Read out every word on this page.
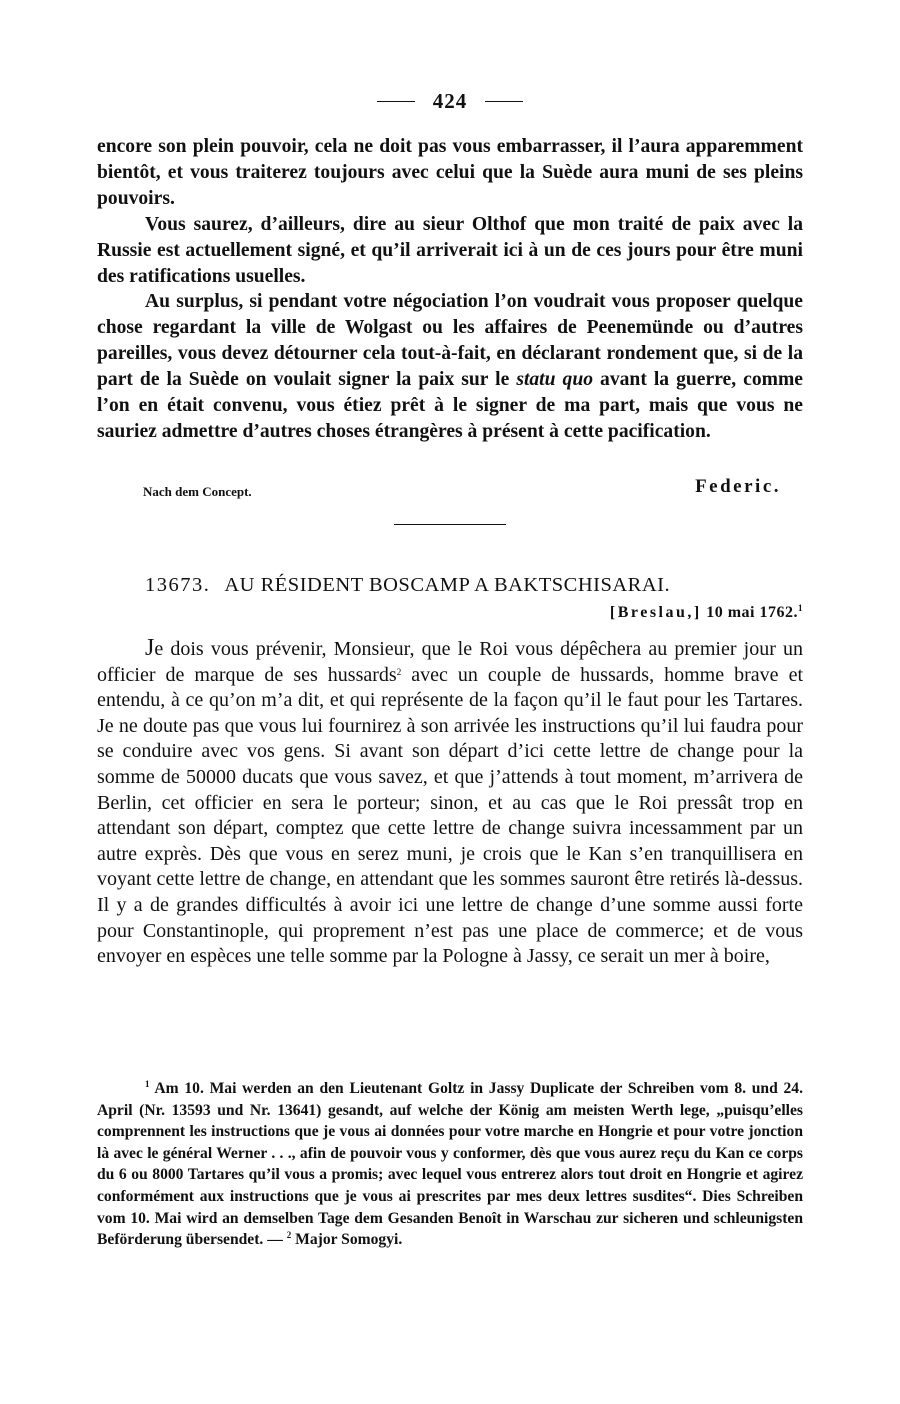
424

encore son plein pouvoir, cela ne doit pas vous embarrasser, il l’aura apparemment bientôt, et vous traiterez toujours avec celui que la Suède aura muni de ses pleins pouvoirs.

Vous saurez, d’ailleurs, dire au sieur Olthof que mon traité de paix avec la Russie est actuellement signé, et qu’il arriverait ici à un de ces jours pour être muni des ratifications usuelles.

Au surplus, si pendant votre négociation l’on voudrait vous proposer quelque chose regardant la ville de Wolgast ou les affaires de Peenemünde ou d’autres pareilles, vous devez détourner cela tout-à-fait, en déclarant rondement que, si de la part de la Suède on voulait signer la paix sur le statu quo avant la guerre, comme l’on en était convenu, vous étiez prêt à le signer de ma part, mais que vous ne sauriez admettre d’autres choses étrangères à présent à cette pacification.

Nach dem Concept.	Federic.
13673. AU RÉSIDENT BOSCAMP A BAKTSCHISARAI.
[Breslau,] 10 mai 1762.$^1$

Je dois vous prévenir, Monsieur, que le Roi vous dépêchera au premier jour un officier de marque de ses hussards$^2$ avec un couple de hussards, homme brave et entendu, à ce qu’on m’a dit, et qui représente de la façon qu’il le faut pour les Tartares. Je ne doute pas que vous lui fournirez à son arrivée les instructions qu’il lui faudra pour se conduire avec vos gens. Si avant son départ d’ici cette lettre de change pour la somme de 50000 ducats que vous savez, et que j’attends à tout moment, m’arrivera de Berlin, cet officier en sera le porteur; sinon, et au cas que le Roi pressât trop en attendant son départ, comptez que cette lettre de change suivra incessamment par un autre exprès. Dès que vous en serez muni, je crois que le Kan s’en tranquillisera en voyant cette lettre de change, en attendant que les sommes sauront être retirés là-dessus. Il y a de grandes difficultés à avoir ici une lettre de change d’une somme aussi forte pour Constantinople, qui proprement n’est pas une place de commerce; et de vous envoyer en espèces une telle somme par la Pologne à Jassy, ce serait un mer à boire,

$^1$ Am 10. Mai werden an den Lieutenant Goltz in Jassy Duplicate der Schreiben vom 8. und 24. April (Nr. 13593 und Nr. 13641) gesandt, auf welche der König am meisten Werth lege, „puisqu’elles comprennent les instructions que je vous ai données pour votre marche en Hongrie et pour votre jonction là avec le général Werner . . ., afin de pouvoir vous y conformer, dès que vous aurez reçu du Kan ce corps du 6 ou 8000 Tartares qu’il vous a promis; avec lequel vous entrerez alors tout droit en Hongrie et agirez conformément aux instructions que je vous ai prescrites par mes deux lettres susdites“. Dies Schreiben vom 10. Mai wird an demselben Tage dem Gesanden Benoît in Warschau zur sicheren und schleunigsten Beförderung übersendet. — $^2$ Major Somogyi.
